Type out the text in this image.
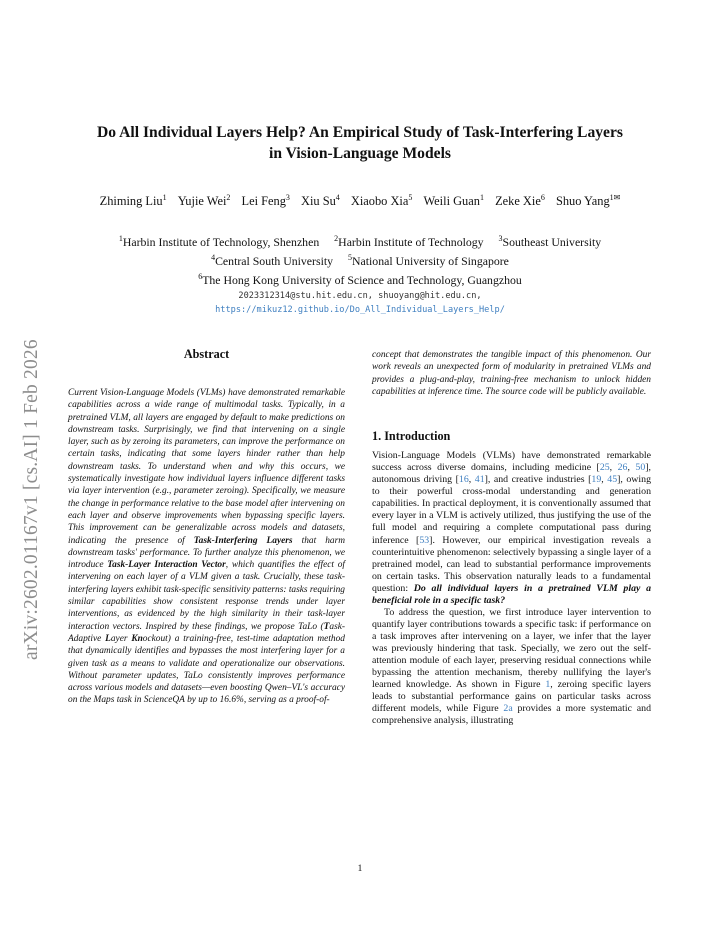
arXiv:2602.01167v1 [cs.AI] 1 Feb 2026
Do All Individual Layers Help? An Empirical Study of Task-Interfering Layers
in Vision-Language Models
Zhiming Liu$^1$ Yujie Wei$^2$ Lei Feng$^3$ Xiu Su$^4$ Xiaobo Xia$^5$ Weili Guan$^1$ Zeke Xie$^6$ Shuo Yang$^{1✉}$
$^1$Harbin Institute of Technology, Shenzhen $^2$Harbin Institute of Technology $^3$Southeast University
$^4$Central South University $^5$National University of Singapore
$^6$The Hong Kong University of Science and Technology, Guangzhou
2023312314@stu.hit.edu.cn, shuoyang@hit.edu.cn,
https://mikuz12.github.io/Do_All_Individual_Layers_Help/
Abstract

Current Vision-Language Models (VLMs) have demonstrated remarkable capabilities across a wide range of multimodal tasks. Typically, in a pretrained VLM, all layers are engaged by default to make predictions on downstream tasks. Surprisingly, we find that intervening on a single layer, such as by zeroing its parameters, can improve the performance on certain tasks, indicating that some layers hinder rather than help downstream tasks. To understand when and why this occurs, we systematically investigate how individual layers influence different tasks via layer intervention (e.g., parameter zeroing). Specifically, we measure the change in performance relative to the base model after intervening on each layer and observe improvements when bypassing specific layers. This improvement can be generalizable across models and datasets, indicating the presence of Task-Interfering Layers that harm downstream tasks' performance. To further analyze this phenomenon, we introduce Task-Layer Interaction Vector, which quantifies the effect of intervening on each layer of a VLM given a task. Crucially, these task-interfering layers exhibit task-specific sensitivity patterns: tasks requiring similar capabilities show consistent response trends under layer interventions, as evidenced by the high similarity in their task-layer interaction vectors. Inspired by these findings, we propose TaLo (Task-Adaptive Layer Knockout) a training-free, test-time adaptation method that dynamically identifies and bypasses the most interfering layer for a given task as a means to validate and operationalize our observations. Without parameter updates, TaLo consistently improves performance across various models and datasets—even boosting Qwen–VL's accuracy on the Maps task in ScienceQA by up to 16.6%, serving as a proof-of-

concept that demonstrates the tangible impact of this phenomenon. Our work reveals an unexpected form of modularity in pretrained VLMs and provides a plug-and-play, training-free mechanism to unlock hidden capabilities at inference time. The source code will be publicly available.

1. Introduction

Vision-Language Models (VLMs) have demonstrated remarkable success across diverse domains, including medicine [25, 26, 50], autonomous driving [16, 41], and creative industries [19, 45], owing to their powerful cross-modal understanding and generation capabilities. In practical deployment, it is conventionally assumed that every layer in a VLM is actively utilized, thus justifying the use of the full model and requiring a complete computational pass during inference [53]. However, our empirical investigation reveals a counterintuitive phenomenon: selectively bypassing a single layer of a pretrained model, can lead to substantial performance improvements on certain tasks. This observation naturally leads to a fundamental question: Do all individual layers in a pretrained VLM play a beneficial role in a specific task?

To address the question, we first introduce layer intervention to quantify layer contributions towards a specific task: if performance on a task improves after intervening on a layer, we infer that the layer was previously hindering that task. Specially, we zero out the self-attention module of each layer, preserving residual connections while bypassing the attention mechanism, thereby nullifying the layer's learned knowledge. As shown in Figure 1, zeroing specific layers leads to substantial performance gains on particular tasks across different models, while Figure 2a provides a more systematic and comprehensive analysis, illustrating

1
